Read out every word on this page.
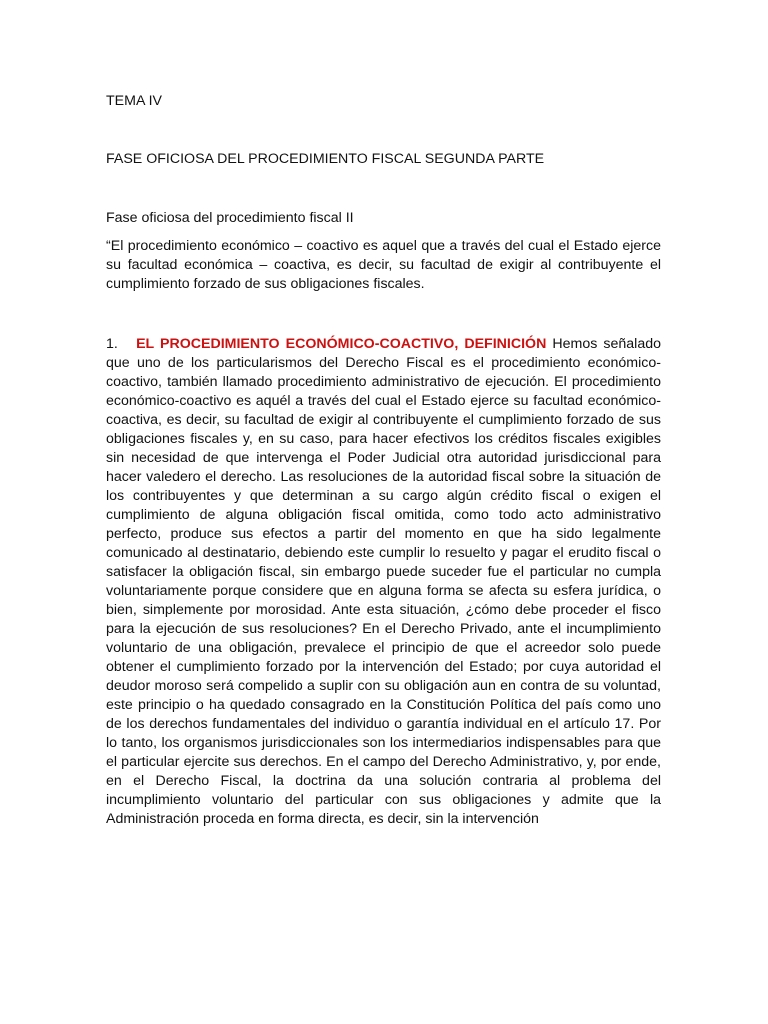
TEMA IV
FASE OFICIOSA DEL PROCEDIMIENTO FISCAL SEGUNDA PARTE
Fase oficiosa del procedimiento fiscal II
“El procedimiento económico – coactivo es aquel que a través del cual el Estado ejerce su facultad económica – coactiva, es decir, su facultad de exigir al contribuyente el cumplimiento forzado de sus obligaciones fiscales.
1. EL PROCEDIMIENTO ECONÓMICO-COACTIVO, DEFINICIÓN Hemos señalado que uno de los particularismos del Derecho Fiscal es el procedimiento económico-coactivo, también llamado procedimiento administrativo de ejecución. El procedimiento económico-coactivo es aquél a través del cual el Estado ejerce su facultad económico-coactiva, es decir, su facultad de exigir al contribuyente el cumplimiento forzado de sus obligaciones fiscales y, en su caso, para hacer efectivos los créditos fiscales exigibles sin necesidad de que intervenga el Poder Judicial otra autoridad jurisdiccional para hacer valedero el derecho. Las resoluciones de la autoridad fiscal sobre la situación de los contribuyentes y que determinan a su cargo algún crédito fiscal o exigen el cumplimiento de alguna obligación fiscal omitida, como todo acto administrativo perfecto, produce sus efectos a partir del momento en que ha sido legalmente comunicado al destinatario, debiendo este cumplir lo resuelto y pagar el erudito fiscal o satisfacer la obligación fiscal, sin embargo puede suceder fue el particular no cumpla voluntariamente porque considere que en alguna forma se afecta su esfera jurídica, o bien, simplemente por morosidad. Ante esta situación, ¿cómo debe proceder el fisco para la ejecución de sus resoluciones? En el Derecho Privado, ante el incumplimiento voluntario de una obligación, prevalece el principio de que el acreedor solo puede obtener el cumplimiento forzado por la intervención del Estado; por cuya autoridad el deudor moroso será compelido a suplir con su obligación aun en contra de su voluntad, este principio o ha quedado consagrado en la Constitución Política del país como uno de los derechos fundamentales del individuo o garantía individual en el artículo 17. Por lo tanto, los organismos jurisdiccionales son los intermediarios indispensables para que el particular ejercite sus derechos. En el campo del Derecho Administrativo, y, por ende, en el Derecho Fiscal, la doctrina da una solución contraria al problema del incumplimiento voluntario del particular con sus obligaciones y admite que la Administración proceda en forma directa, es decir, sin la intervención
